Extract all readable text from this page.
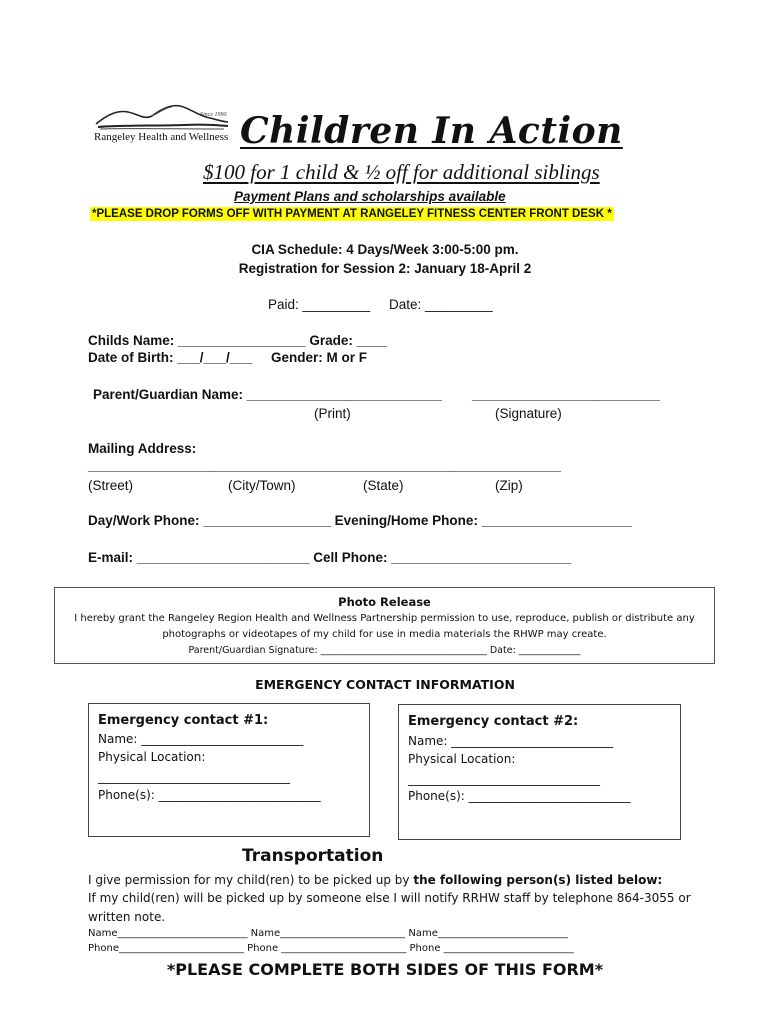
Since 1990
Rangeley Health and Wellness Children In Action
$100 for 1 child & ½ off for additional siblings
Payment Plans and scholarships available
*PLEASE DROP FORMS OFF WITH PAYMENT AT RANGELEY FITNESS CENTER FRONT DESK *
CIA Schedule: 4 Days/Week 3:00-5:00 pm.
Registration for Session 2: January 18-April 2
Paid: _________ Date: _________
Childs Name: _________________ Grade: ____
Date of Birth: ___/___/___ Gender: M or F
Parent/Guardian Name: __________________________ _________________________
(Print)	(Signature)
Mailing Address:
_______________________________________________________________
(Street)	(City/Town)	(State)	(Zip)
Day/Work Phone: _________________ Evening/Home Phone: ____________________
E-mail: _______________________ Cell Phone: ________________________
Photo Release
I hereby grant the Rangeley Region Health and Wellness Partnership permission to use, reproduce, publish or distribute any
photographs or videotapes of my child for use in media materials the RHWP may create.
Parent/Guardian Signature: ___________________________________ Date: _____________
EMERGENCY CONTACT INFORMATION
Emergency contact #1:
Name: ___________________________
Physical Location:
________________________________
Phone(s): ___________________________
Emergency contact #2:
Name: ___________________________
Physical Location:
________________________________
Phone(s): ___________________________
Transportation
I give permission for my child(ren) to be picked up by the following person(s) listed below:
If my child(ren) will be picked up by someone else I will notify RRHW staff by telephone 864-3055 or
written note.
Name__________________________ Name_________________________ Name__________________________
Phone_________________________ Phone _________________________ Phone __________________________
*PLEASE COMPLETE BOTH SIDES OF THIS FORM*
